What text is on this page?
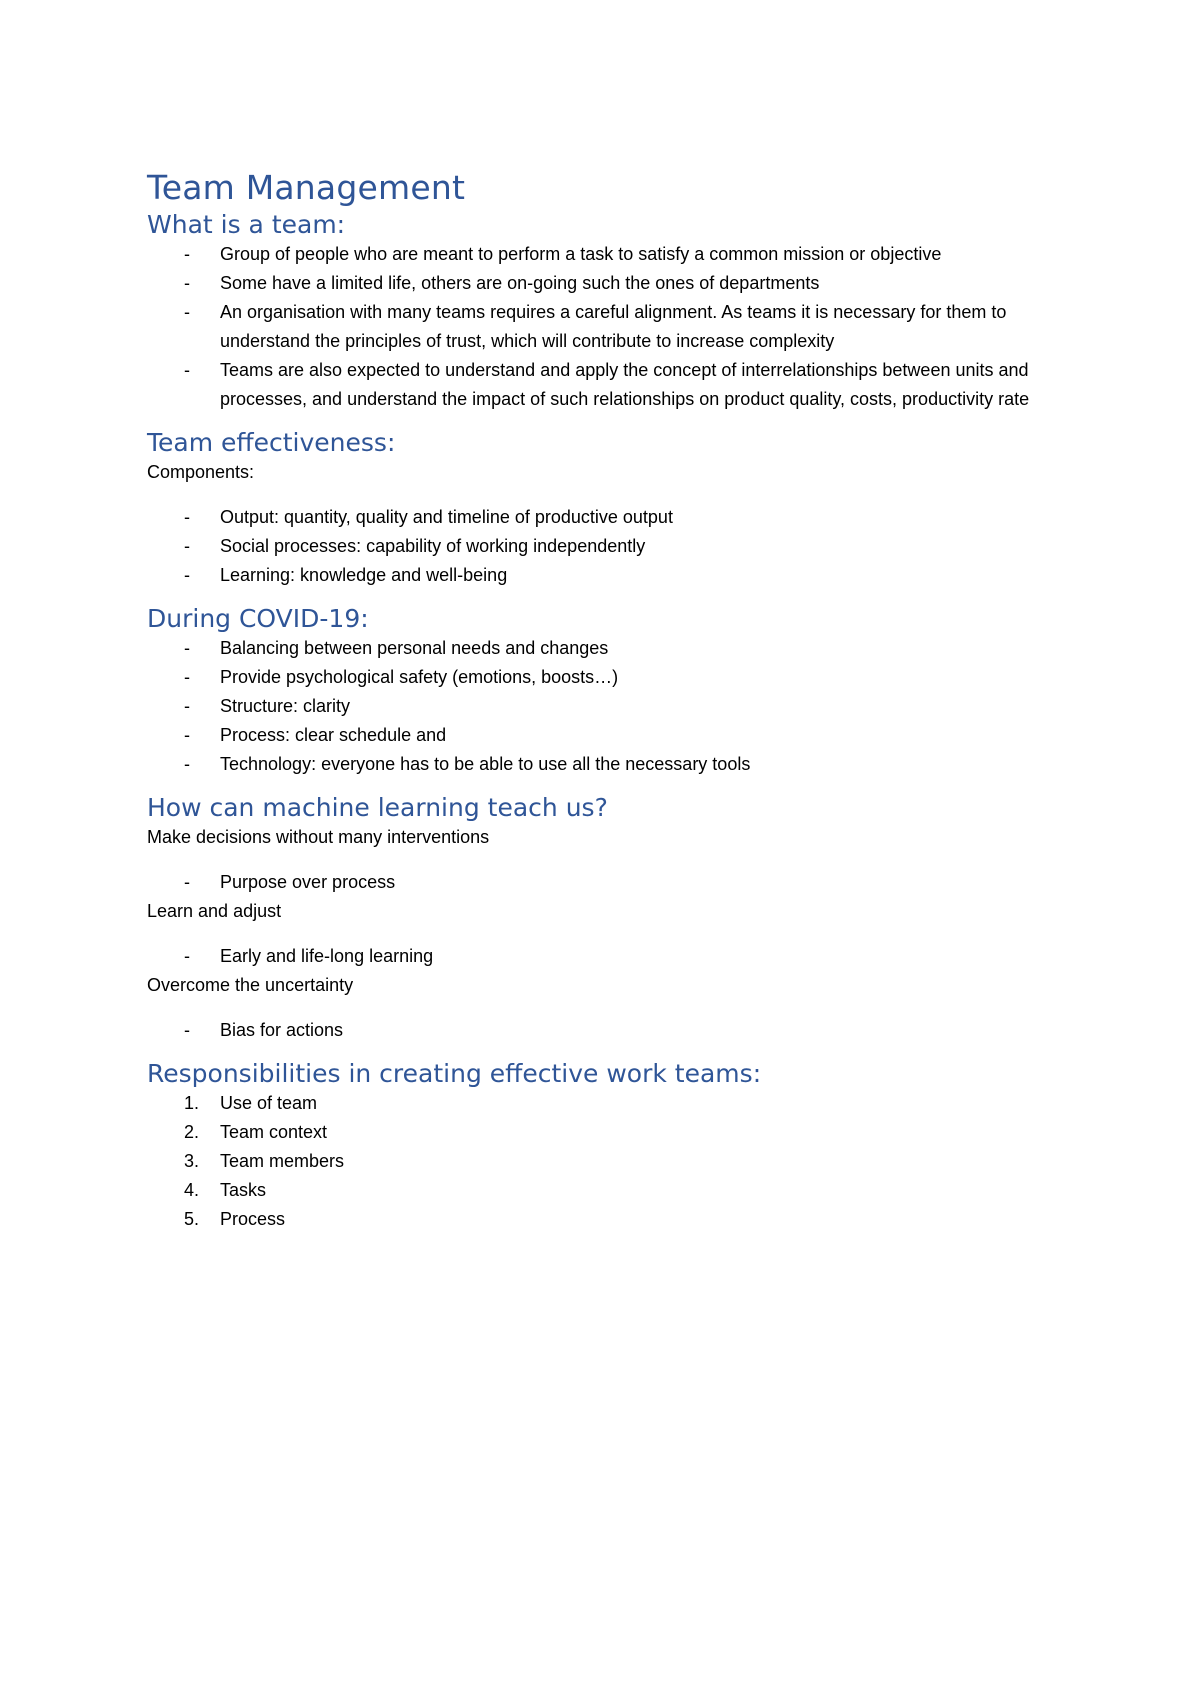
Team Management
What is a team:
- Group of people who are meant to perform a task to satisfy a common mission or objective
- Some have a limited life, others are on-going such the ones of departments
- An organisation with many teams requires a careful alignment. As teams it is necessary for them to understand the principles of trust, which will contribute to increase complexity
- Teams are also expected to understand and apply the concept of interrelationships between units and processes, and understand the impact of such relationships on product quality, costs, productivity rate
Team effectiveness:

Components:

- Output: quantity, quality and timeline of productive output
- Social processes: capability of working independently
- Learning: knowledge and well-being
During COVID-19:
- Balancing between personal needs and changes
- Provide psychological safety (emotions, boosts…)
- Structure: clarity
- Process: clear schedule and
- Technology: everyone has to be able to use all the necessary tools
How can machine learning teach us?

Make decisions without many interventions

- Purpose over process

Learn and adjust

- Early and life-long learning

Overcome the uncertainty

- Bias for actions
Responsibilities in creating effective work teams:
1. Use of team
2. Team context
3. Team members
4. Tasks
5. Process
